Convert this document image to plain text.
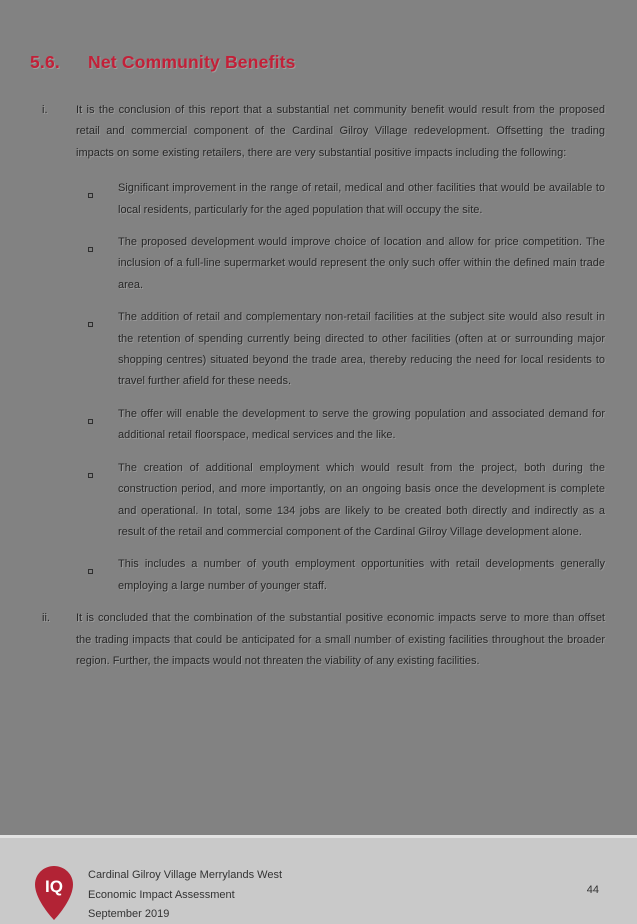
5.6.	Net Community Benefits
i.	It is the conclusion of this report that a substantial net community benefit would result from the proposed retail and commercial component of the Cardinal Gilroy Village redevelopment. Offsetting the trading impacts on some existing retailers, there are very substantial positive impacts including the following:
Significant improvement in the range of retail, medical and other facilities that would be available to local residents, particularly for the aged population that will occupy the site.
The proposed development would improve choice of location and allow for price competition. The inclusion of a full-line supermarket would represent the only such offer within the defined main trade area.
The addition of retail and complementary non-retail facilities at the subject site would also result in the retention of spending currently being directed to other facilities (often at or surrounding major shopping centres) situated beyond the trade area, thereby reducing the need for local residents to travel further afield for these needs.
The offer will enable the development to serve the growing population and associated demand for additional retail floorspace, medical services and the like.
The creation of additional employment which would result from the project, both during the construction period, and more importantly, on an ongoing basis once the development is complete and operational. In total, some 134 jobs are likely to be created both directly and indirectly as a result of the retail and commercial component of the Cardinal Gilroy Village development alone.
This includes a number of youth employment opportunities with retail developments generally employing a large number of younger staff.
ii.	It is concluded that the combination of the substantial positive economic impacts serve to more than offset the trading impacts that could be anticipated for a small number of existing facilities throughout the broader region. Further, the impacts would not threaten the viability of any existing facilities.
IQ
Cardinal Gilroy Village Merrylands West
Economic Impact Assessment
September 2019
44
